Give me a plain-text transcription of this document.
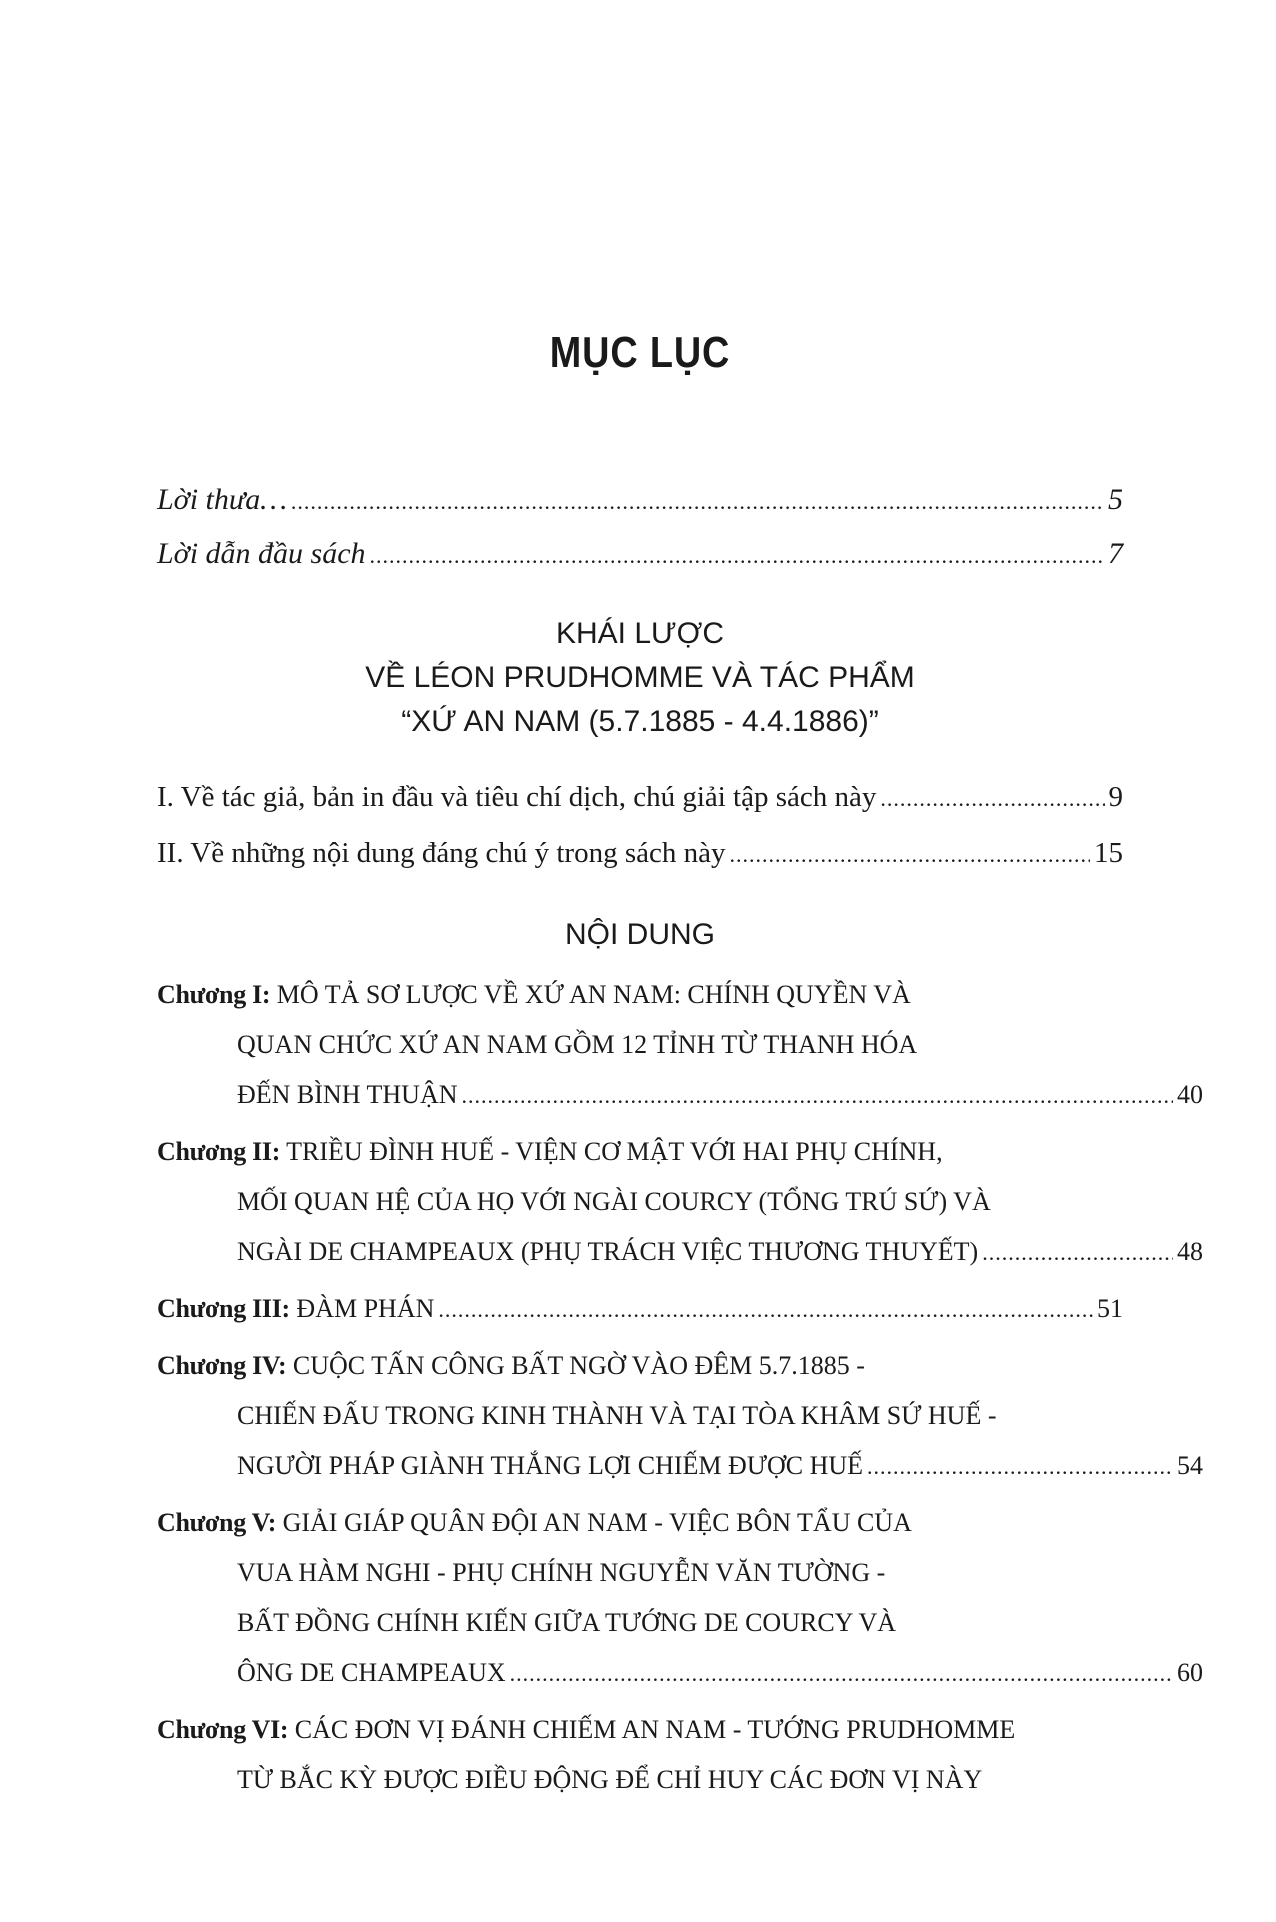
MỤC LỤC
Lời thưa… .....	5
Lời dẫn đầu sách .....	7
KHÁI LƯỢC
VỀ LÉON PRUDHOMME VÀ TÁC PHẨM
“XỨ AN NAM (5.7.1885 - 4.4.1886)”
I. Về tác giả, bản in đầu và tiêu chí dịch, chú giải tập sách này .....	9
II. Về những nội dung đáng chú ý trong sách này .....	15
NỘI DUNG
Chương I: MÔ TẢ SƠ LƯỢC VỀ XỨ AN NAM: CHÍNH QUYỀN VÀ
QUAN CHỨC XỨ AN NAM GỒM 12 TỈNH TỪ THANH HÓA
ĐẾN BÌNH THUẬN .....	40
Chương II: TRIỀU ĐÌNH HUẾ - VIỆN CƠ MẬT VỚI HAI PHỤ CHÍNH,
MỐI QUAN HỆ CỦA HỌ VỚI NGÀI COURCY (TỔNG TRÚ SỨ) VÀ
NGÀI DE CHAMPEAUX (PHỤ TRÁCH VIỆC THƯƠNG THUYẾT) .....	48
Chương III: ĐÀM PHÁN .....	51
Chương IV: CUỘC TẤN CÔNG BẤT NGỜ VÀO ĐÊM 5.7.1885 -
CHIẾN ĐẤU TRONG KINH THÀNH VÀ TẠI TÒA KHÂM SỨ HUẾ -
NGƯỜI PHÁP GIÀNH THẮNG LỢI CHIẾM ĐƯỢC HUẾ .....	54
Chương V: GIẢI GIÁP QUÂN ĐỘI AN NAM - VIỆC BÔN TẨU CỦA
VUA HÀM NGHI - PHỤ CHÍNH NGUYỄN VĂN TƯỜNG -
BẤT ĐỒNG CHÍNH KIẾN GIỮA TƯỚNG DE COURCY VÀ
ÔNG DE CHAMPEAUX .....	60
Chương VI: CÁC ĐƠN VỊ ĐÁNH CHIẾM AN NAM - TƯỚNG PRUDHOMME
TỪ BẮC KỲ ĐƯỢC ĐIỀU ĐỘNG ĐỂ CHỈ HUY CÁC ĐƠN VỊ NÀY
